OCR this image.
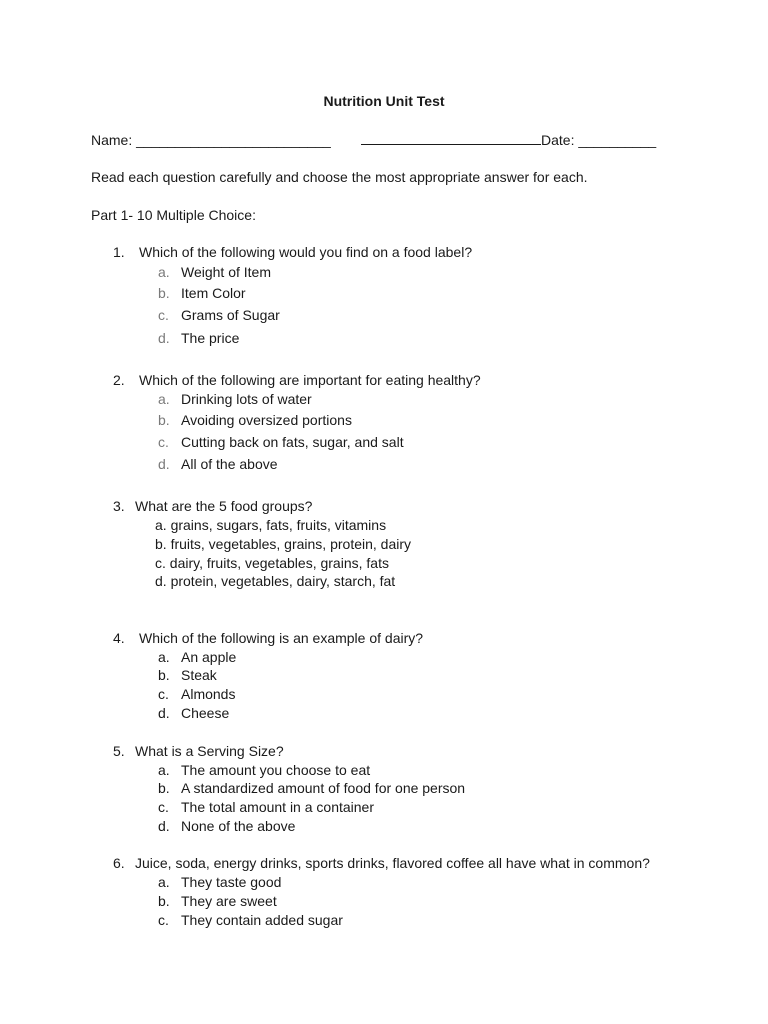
Nutrition Unit Test
Name: _________________________	Date: __________
Read each question carefully and choose the most appropriate answer for each.
Part 1- 10 Multiple Choice:
1. Which of the following would you find on a food label?
a. Weight of Item
b. Item Color
c. Grams of Sugar
d. The price
2. Which of the following are important for eating healthy?
a. Drinking lots of water
b. Avoiding oversized portions
c. Cutting back on fats, sugar, and salt
d. All of the above
3. What are the 5 food groups?
a. grains, sugars, fats, fruits, vitamins
b. fruits, vegetables, grains, protein, dairy
c. dairy, fruits, vegetables, grains, fats
d. protein, vegetables, dairy, starch, fat
4. Which of the following is an example of dairy?
a. An apple
b. Steak
c. Almonds
d. Cheese
5. What is a Serving Size?
a. The amount you choose to eat
b. A standardized amount of food for one person
c. The total amount in a container
d. None of the above
6. Juice, soda, energy drinks, sports drinks, flavored coffee all have what in common?
a. They taste good
b. They are sweet
c. They contain added sugar
